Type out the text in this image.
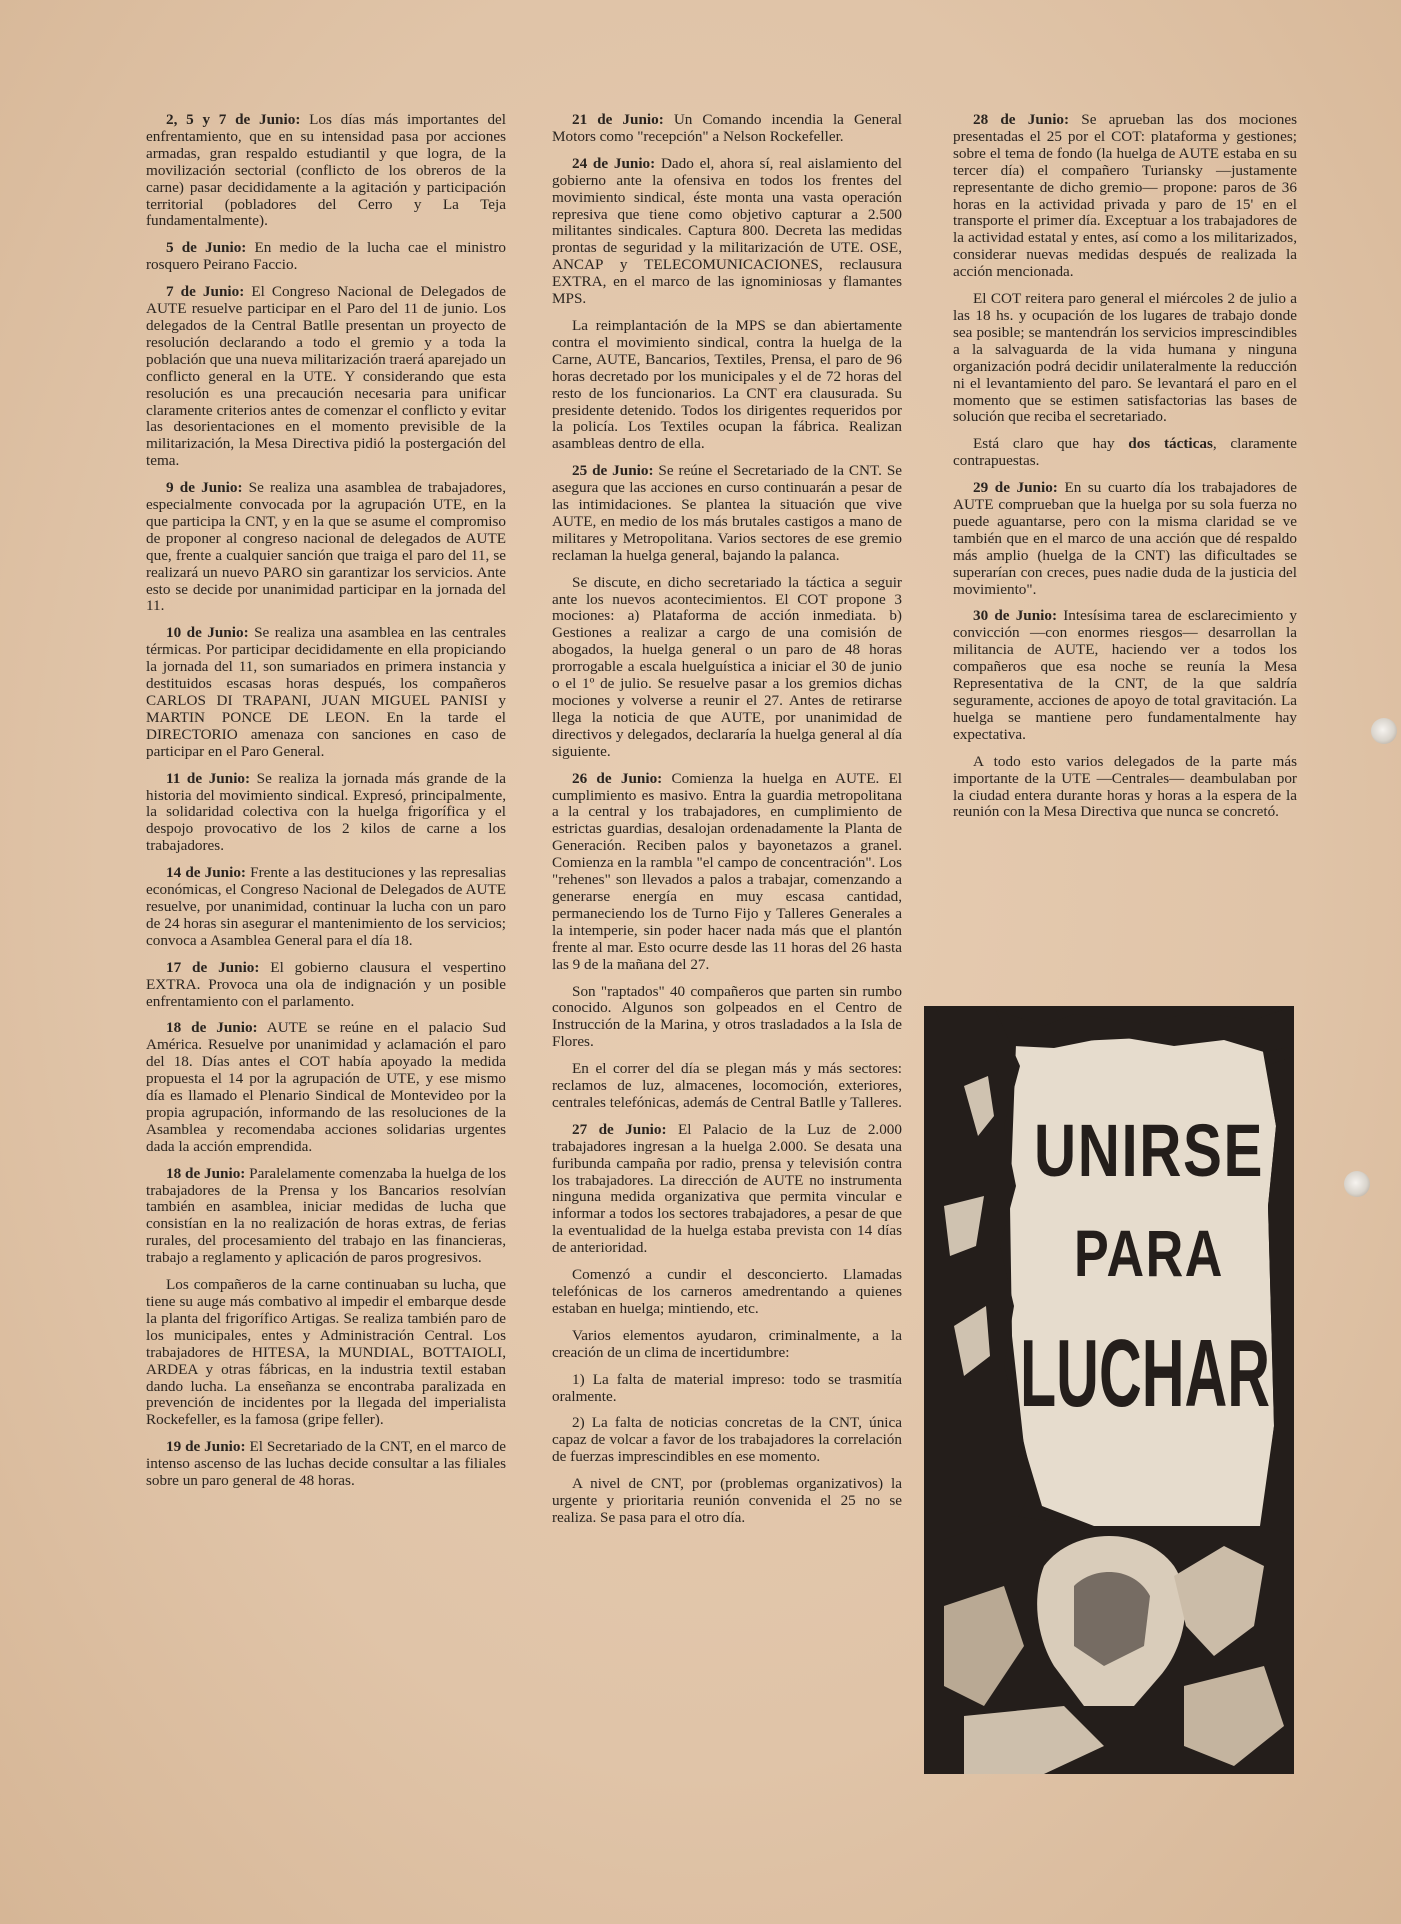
2, 5 y 7 de Junio: Los días más importantes del enfrentamiento, que en su intensidad pasa por acciones armadas, gran respaldo estudiantil y que logra, de la movilización sectorial (conflicto de los obreros de la carne) pasar decididamente a la agitación y participación territorial (pobladores del Cerro y La Teja fundamentalmente).

5 de Junio: En medio de la lucha cae el ministro rosquero Peirano Faccio.

7 de Junio: El Congreso Nacional de Delegados de AUTE resuelve participar en el Paro del 11 de junio. Los delegados de la Central Batlle presentan un proyecto de resolución declarando a todo el gremio y a toda la población que una nueva militarización traerá aparejado un conflicto general en la UTE. Y considerando que esta resolución es una precaución necesaria para unificar claramente criterios antes de comenzar el conflicto y evitar las desorientaciones en el momento previsible de la militarización, la Mesa Directiva pidió la postergación del tema.

9 de Junio: Se realiza una asamblea de trabajadores, especialmente convocada por la agrupación UTE, en la que participa la CNT, y en la que se asume el compromiso de proponer al congreso nacional de delegados de AUTE que, frente a cualquier sanción que traiga el paro del 11, se realizará un nuevo PARO sin garantizar los servicios. Ante esto se decide por unanimidad participar en la jornada del 11.

10 de Junio: Se realiza una asamblea en las centrales térmicas. Por participar decididamente en ella propiciando la jornada del 11, son sumariados en primera instancia y destituidos escasas horas después, los compañeros CARLOS DI TRAPANI, JUAN MIGUEL PANISI y MARTIN PONCE DE LEON. En la tarde el DIRECTORIO amenaza con sanciones en caso de participar en el Paro General.

11 de Junio: Se realiza la jornada más grande de la historia del movimiento sindical. Expresó, principalmente, la solidaridad colectiva con la huelga frigorífica y el despojo provocativo de los 2 kilos de carne a los trabajadores.

14 de Junio: Frente a las destituciones y las represalias económicas, el Congreso Nacional de Delegados de AUTE resuelve, por unanimidad, continuar la lucha con un paro de 24 horas sin asegurar el mantenimiento de los servicios; convoca a Asamblea General para el día 18.

17 de Junio: El gobierno clausura el vespertino EXTRA. Provoca una ola de indignación y un posible enfrentamiento con el parlamento.

18 de Junio: AUTE se reúne en el palacio Sud América. Resuelve por unanimidad y aclamación el paro del 18. Días antes el COT había apoyado la medida propuesta el 14 por la agrupación de UTE, y ese mismo día es llamado el Plenario Sindical de Montevideo por la propia agrupación, informando de las resoluciones de la Asamblea y recomendaba acciones solidarias urgentes dada la acción emprendida.

18 de Junio: Paralelamente comenzaba la huelga de los trabajadores de la Prensa y los Bancarios resolvían también en asamblea, iniciar medidas de lucha que consistían en la no realización de horas extras, de ferias rurales, del procesamiento del trabajo en las financieras, trabajo a reglamento y aplicación de paros progresivos.

Los compañeros de la carne continuaban su lucha, que tiene su auge más combativo al impedir el embarque desde la planta del frigorífico Artigas. Se realiza también paro de los municipales, entes y Administración Central. Los trabajadores de HITESA, la MUNDIAL, BOTTAIOLI, ARDEA y otras fábricas, en la industria textil estaban dando lucha. La enseñanza se encontraba paralizada en prevención de incidentes por la llegada del imperialista Rockefeller, es la famosa (gripe feller).

19 de Junio: El Secretariado de la CNT, en el marco de intenso ascenso de las luchas decide consultar a las filiales sobre un paro general de 48 horas.

21 de Junio: Un Comando incendia la General Motors como "recepción" a Nelson Rockefeller.

24 de Junio: Dado el, ahora sí, real aislamiento del gobierno ante la ofensiva en todos los frentes del movimiento sindical, éste monta una vasta operación represiva que tiene como objetivo capturar a 2.500 militantes sindicales. Captura 800. Decreta las medidas prontas de seguridad y la militarización de UTE. OSE, ANCAP y TELECOMUNICACIONES, reclausura EXTRA, en el marco de las ignominiosas y flamantes MPS.

La reimplantación de la MPS se dan abiertamente contra el movimiento sindical, contra la huelga de la Carne, AUTE, Bancarios, Textiles, Prensa, el paro de 96 horas decretado por los municipales y el de 72 horas del resto de los funcionarios. La CNT era clausurada. Su presidente detenido. Todos los dirigentes requeridos por la policía. Los Textiles ocupan la fábrica. Realizan asambleas dentro de ella.

25 de Junio: Se reúne el Secretariado de la CNT. Se asegura que las acciones en curso continuarán a pesar de las intimidaciones. Se plantea la situación que vive AUTE, en medio de los más brutales castigos a mano de militares y Metropolitana. Varios sectores de ese gremio reclaman la huelga general, bajando la palanca.

Se discute, en dicho secretariado la táctica a seguir ante los nuevos acontecimientos. El COT propone 3 mociones: a) Plataforma de acción inmediata. b) Gestiones a realizar a cargo de una comisión de abogados, la huelga general o un paro de 48 horas prorrogable a escala huelguística a iniciar el 30 de junio o el 1º de julio. Se resuelve pasar a los gremios dichas mociones y volverse a reunir el 27. Antes de retirarse llega la noticia de que AUTE, por unanimidad de directivos y delegados, declararía la huelga general al día siguiente.

26 de Junio: Comienza la huelga en AUTE. El cumplimiento es masivo. Entra la guardia metropolitana a la central y los trabajadores, en cumplimiento de estrictas guardias, desalojan ordenadamente la Planta de Generación. Reciben palos y bayonetazos a granel. Comienza en la rambla "el campo de concentración". Los "rehenes" son llevados a palos a trabajar, comenzando a generarse energía en muy escasa cantidad, permaneciendo los de Turno Fijo y Talleres Generales a la intemperie, sin poder hacer nada más que el plantón frente al mar. Esto ocurre desde las 11 horas del 26 hasta las 9 de la mañana del 27.

Son "raptados" 40 compañeros que parten sin rumbo conocido. Algunos son golpeados en el Centro de Instrucción de la Marina, y otros trasladados a la Isla de Flores.

En el correr del día se plegan más y más sectores: reclamos de luz, almacenes, locomoción, exteriores, centrales telefónicas, además de Central Batlle y Talleres.

27 de Junio: El Palacio de la Luz de 2.000 trabajadores ingresan a la huelga 2.000. Se desata una furibunda campaña por radio, prensa y televisión contra los trabajadores. La dirección de AUTE no instrumenta ninguna medida organizativa que permita vincular e informar a todos los sectores trabajadores, a pesar de que la eventualidad de la huelga estaba prevista con 14 días de anterioridad.

Comenzó a cundir el desconcierto. Llamadas telefónicas de los carneros amedrentando a quienes estaban en huelga; mintiendo, etc.

Varios elementos ayudaron, criminalmente, a la creación de un clima de incertidumbre:

1) La falta de material impreso: todo se trasmitía oralmente.

2) La falta de noticias concretas de la CNT, única capaz de volcar a favor de los trabajadores la correlación de fuerzas imprescindibles en ese momento.

A nivel de CNT, por (problemas organizativos) la urgente y prioritaria reunión convenida el 25 no se realiza. Se pasa para el otro día.

28 de Junio: Se aprueban las dos mociones presentadas el 25 por el COT: plataforma y gestiones; sobre el tema de fondo (la huelga de AUTE estaba en su tercer día) el compañero Turiansky —justamente representante de dicho gremio— propone: paros de 36 horas en la actividad privada y paro de 15' en el transporte el primer día. Exceptuar a los trabajadores de la actividad estatal y entes, así como a los militarizados, considerar nuevas medidas después de realizada la acción mencionada.

El COT reitera paro general el miércoles 2 de julio a las 18 hs. y ocupación de los lugares de trabajo donde sea posible; se mantendrán los servicios imprescindibles a la salvaguarda de la vida humana y ninguna organización podrá decidir unilateralmente la reducción ni el levantamiento del paro. Se levantará el paro en el momento que se estimen satisfactorias las bases de solución que reciba el secretariado.

Está claro que hay dos tácticas, claramente contrapuestas.

29 de Junio: En su cuarto día los trabajadores de AUTE comprueban que la huelga por su sola fuerza no puede aguantarse, pero con la misma claridad se ve también que en el marco de una acción que dé respaldo más amplio (huelga de la CNT) las dificultades se superarían con creces, pues nadie duda de la justicia del movimiento".

30 de Junio: Intesísima tarea de esclarecimiento y convicción —con enormes riesgos— desarrollan la militancia de AUTE, haciendo ver a todos los compañeros que esa noche se reunía la Mesa Representativa de la CNT, de la que saldría seguramente, acciones de apoyo de total gravitación. La huelga se mantiene pero fundamentalmente hay expectativa.

A todo esto varios delegados de la parte más importante de la UTE —Centrales— deambulaban por la ciudad entera durante horas y horas a la espera de la reunión con la Mesa Directiva que nunca se concretó.

UNIRSE
PARA
LUCHAR
